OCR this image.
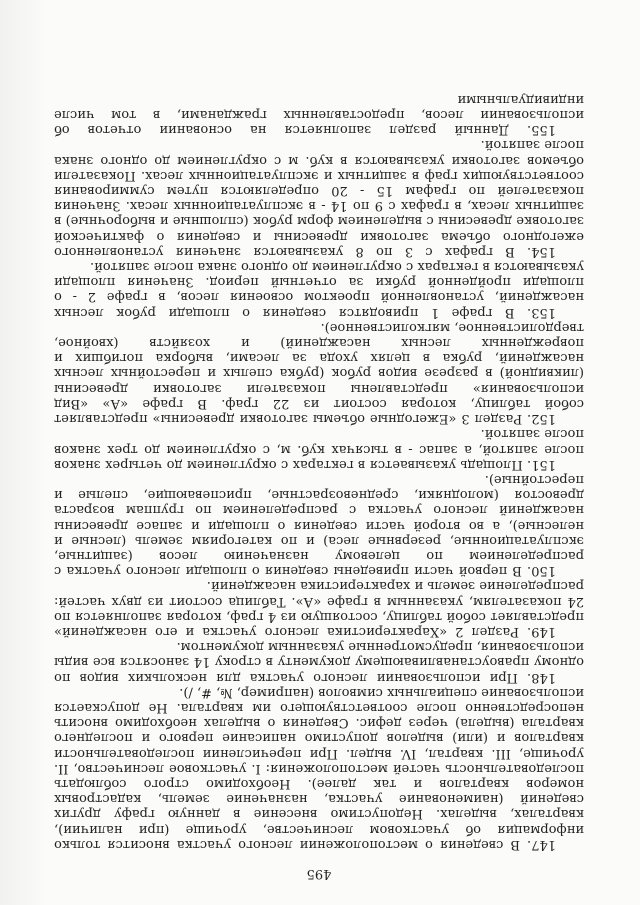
495

147. В сведения о местоположении лесного участка вносится только информация об участковом лесничестве, урочище (при наличии), кварталах, выделах. Недопустимо внесение в данную графу других сведений (наименование участка, назначение земель, кадастровых номеров кварталов и так далее). Необходимо строго соблюдать последовательность частей местоположения: I. участковое лесничество, II. урочище, III. квартал, IV. выдел. При перечислении последовательности кварталов и (или) выделов допустимо написание первого и последнего квартала (выдела) через дефис. Сведения о выделах необходимо вносить непосредственно после соответствующего им квартала. Не допускается использование специальных символов (например, №, #, /).

148. При использовании лесного участка для нескольких видов по одному правоустанавливающему документу в строку 14 заносятся все виды использования, предусмотренные указанным документом.

149. Раздел 2 «Характеристика лесного участка и его насаждений» представляет собой таблицу, состоящую из 4 граф, которая заполняется по 24 показателям, указанным в графе «А». Таблица состоит из двух частей: распределение земель и характеристика насаждений.

150. В первой части приведены сведения о площади лесного участка с распределением по целевому назначению лесов (защитные, эксплуатационные, резервные леса) и по категориям земель (лесные и нелесные), а во второй части сведения о площади и запасе древесины насаждений лесного участка с распределением по группам возраста древостоя (молодняки, средневозрастные, приспевающие, спелые и перестойные).

151. Площадь указывается в гектарах с округлением до четырех знаков после запятой, а запас - в тысячах куб. м, с округлением до трех знаков после запятой.

152. Раздел 3 «Ежегодные объемы заготовки древесины» представляет собой таблицу, которая состоит из 22 граф. В графе «А» «Вид использования» представлены показатели заготовки древесины (ликвидной) в разрезе видов рубок (рубка спелых и перестойных лесных насаждений, рубка в целях ухода за лесами, выборка погибших и поврежденных лесных насаждений) и хозяйств (хвойное, твердолиственное, мягколиственное).

153. В графе 1 приводятся сведения о площади рубок лесных насаждений, установленной проектом освоения лесов, в графе 2 - о площади пройденной рубки за отчетный период. Значения площади указываются в гектарах с округлением до одного знака после запятой.

154. В графах с 3 по 8 указываются значения установленного ежегодного объема заготовки древесины и сведения о фактической заготовке древесины с выделением форм рубок (сплошные и выборочные) в защитных лесах, в графах с 9 по 14 - в эксплуатационных лесах. Значения показателей по графам 15 - 20 определяются путем суммирования соответствующих граф в защитных и эксплуатационных лесах. Показатели объемов заготовки указываются в куб. м с округлением до одного знака после запятой.

155. Данный раздел заполняется на основании отчетов об использовании лесов, предоставленных гражданами, в том числе индивидуальными
